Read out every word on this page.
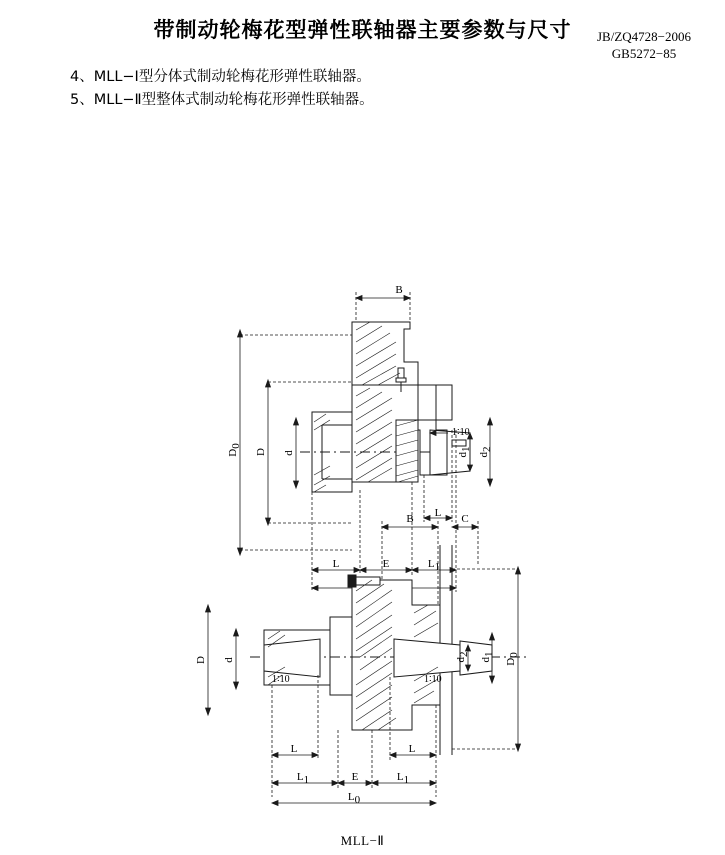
带制动轮梅花型弹性联轴器主要参数与尺寸	JB/ZQ4728−2006
GB5272−85
4、MLL−Ⅰ型分体式制动轮梅花形弹性联轴器。
5、MLL−Ⅱ型整体式制动轮梅花形弹性联轴器。
B
D0
D d	d1
d2
1∶10
L
L	E	L1
B	C
D d	d2
d1
D0
1∶10	1∶10
L	L
L1	E	L1
L0
MLL−Ⅱ
